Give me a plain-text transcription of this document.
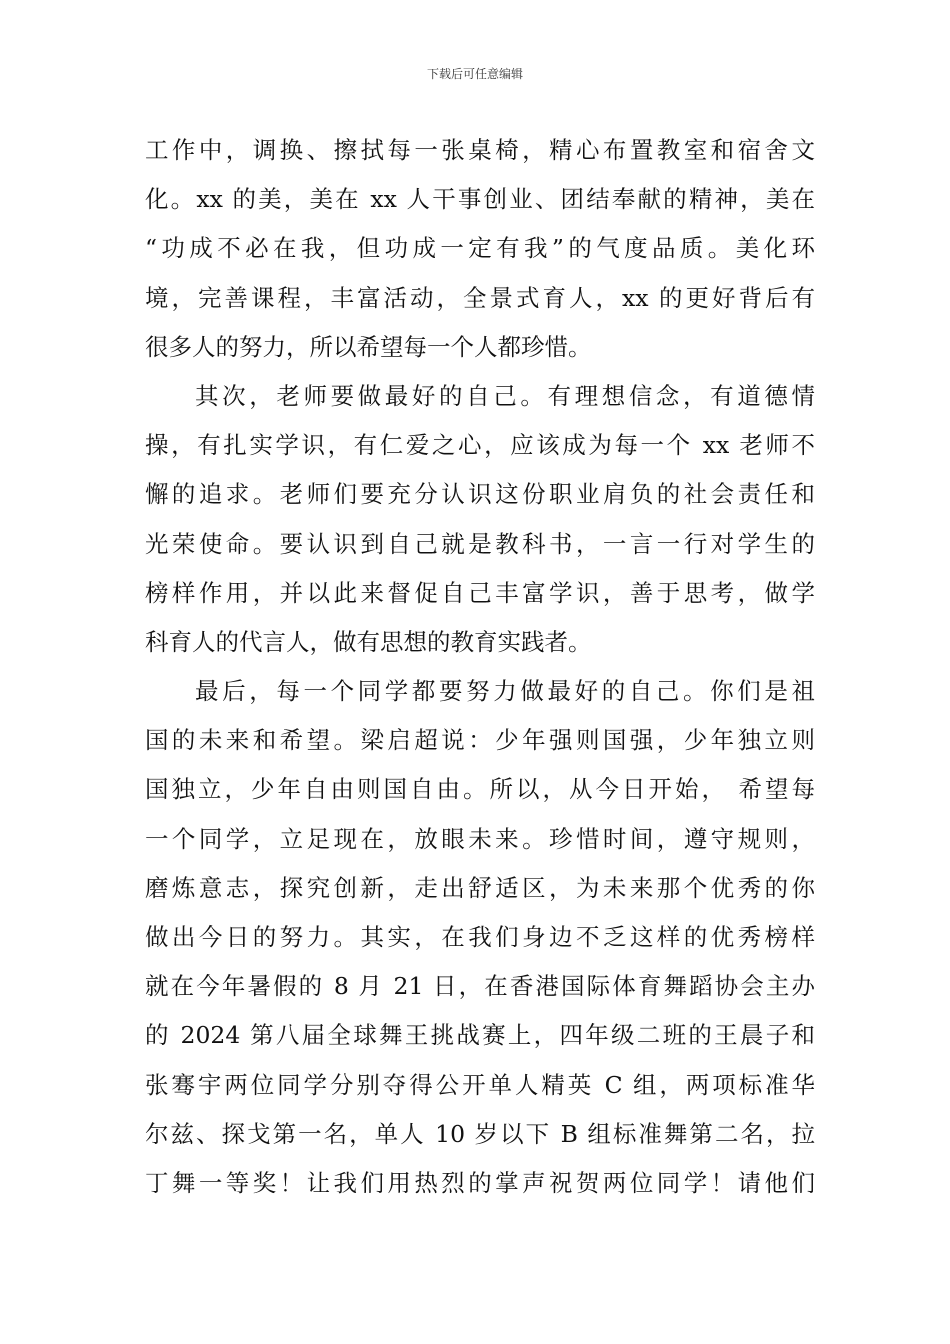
下载后可任意编辑
工作中，调换、擦拭每一张桌椅，精心布置教室和宿舍文
化。xx 的美，美在 xx 人干事创业、团结奉献的精神，美在
“功成不必在我，但功成一定有我”的气度品质。美化环
境，完善课程，丰富活动，全景式育人，xx 的更好背后有
很多人的努力，所以希望每一个人都珍惜。
其次，老师要做最好的自己。有理想信念，有道德情
操，有扎实学识，有仁爱之心，应该成为每一个 xx 老师不
懈的追求。老师们要充分认识这份职业肩负的社会责任和
光荣使命。要认识到自己就是教科书，一言一行对学生的
榜样作用，并以此来督促自己丰富学识，善于思考，做学
科育人的代言人，做有思想的教育实践者。
最后，每一个同学都要努力做最好的自己。你们是祖
国的未来和希望。梁启超说：少年强则国强，少年独立则
国独立，少年自由则国自由。所以，从今日开始， 希望每
一个同学，立足现在，放眼未来。珍惜时间，遵守规则，
磨炼意志，探究创新，走出舒适区，为未来那个优秀的你
做出今日的努力。其实，在我们身边不乏这样的优秀榜样
就在今年暑假的 8 月 21 日，在香港国际体育舞蹈协会主办
的 2024 第八届全球舞王挑战赛上，四年级二班的王晨子和
张骞宇两位同学分别夺得公开单人精英 C 组，两项标准华
尔兹、探戈第一名，单人 10 岁以下 B 组标准舞第二名，拉
丁舞一等奖！让我们用热烈的掌声祝贺两位同学！请他们
